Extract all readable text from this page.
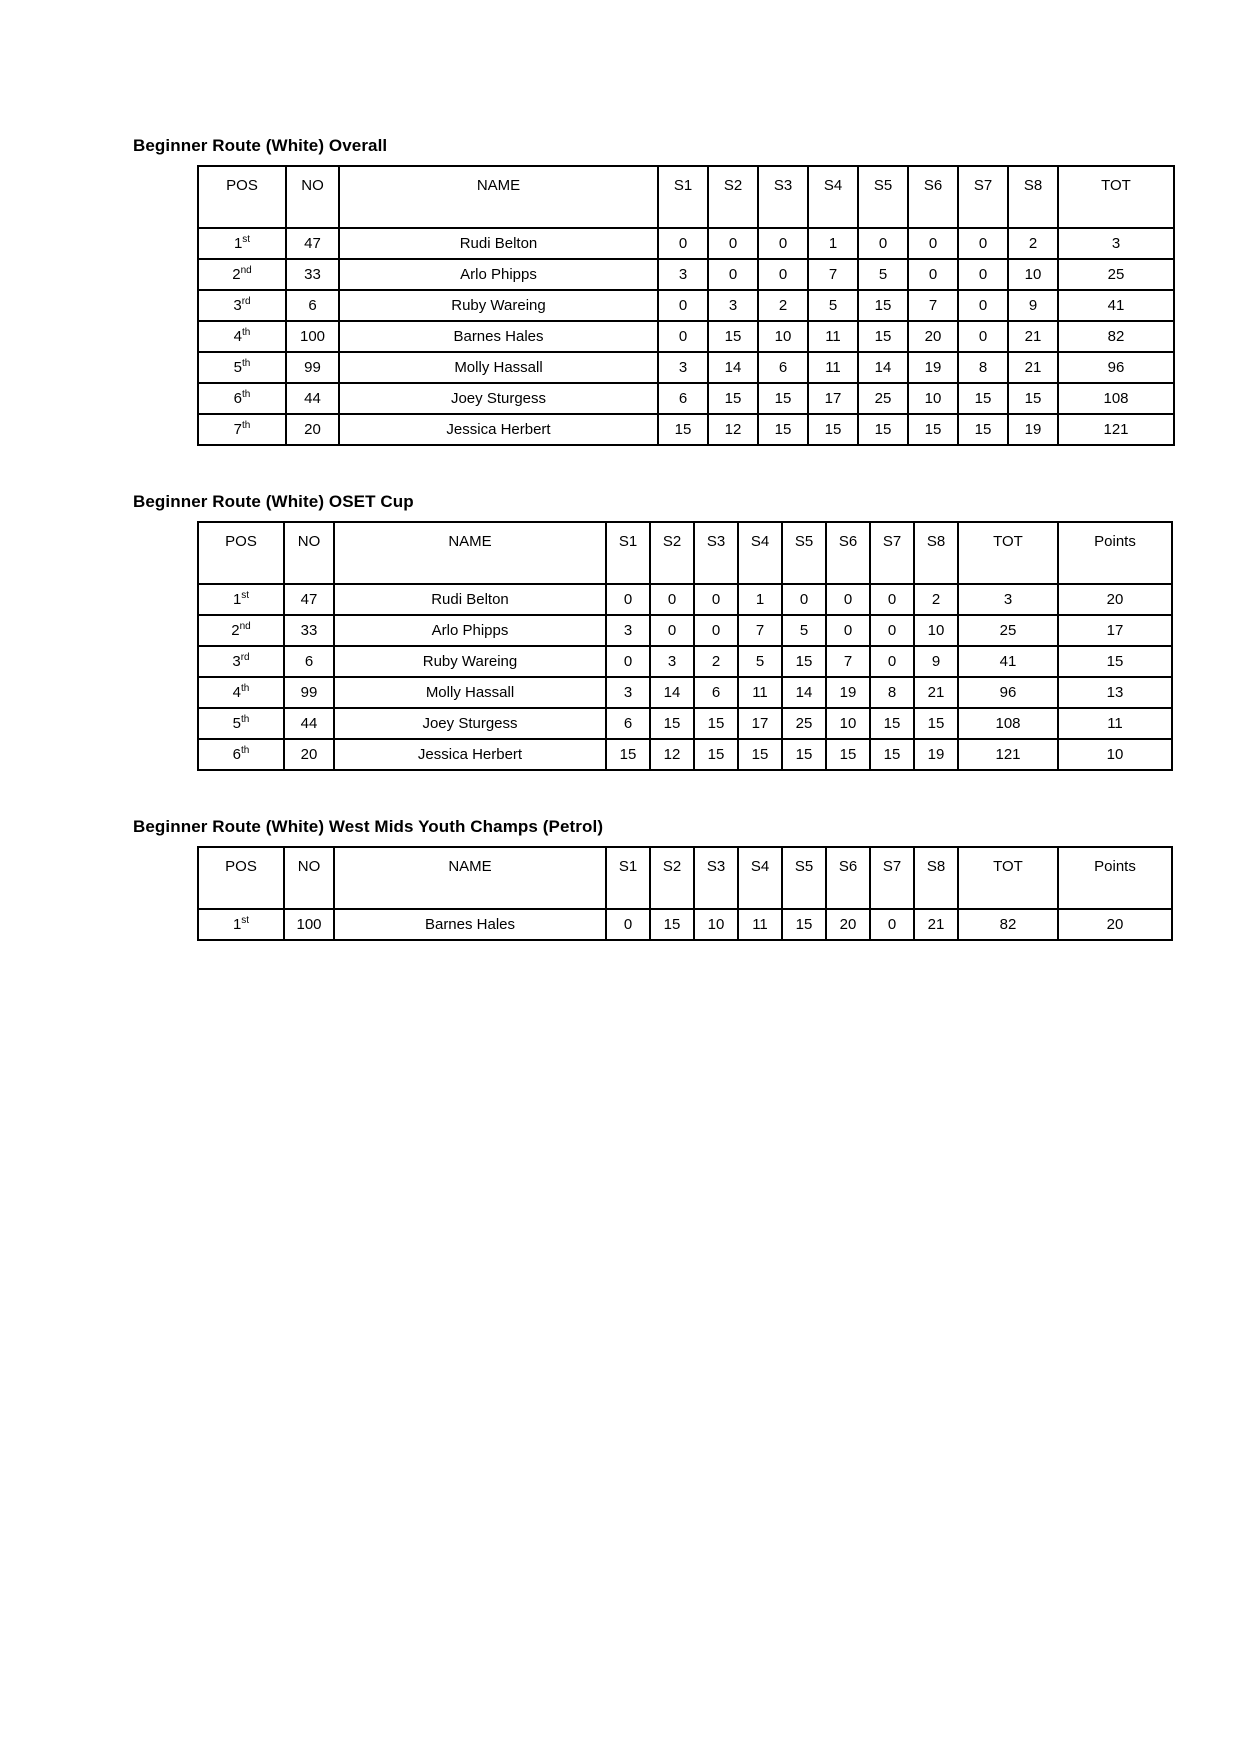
Beginner Route (White) Overall
POS	NO	NAME	S1	S2	S3	S4	S5	S6	S7	S8	TOT
1st	47	Rudi Belton	0	0	0	1	0	0	0	2	3
2nd	33	Arlo Phipps	3	0	0	7	5	0	0	10	25
3rd	6	Ruby Wareing	0	3	2	5	15	7	0	9	41
4th	100	Barnes Hales	0	15	10	11	15	20	0	21	82
5th	99	Molly Hassall	3	14	6	11	14	19	8	21	96
6th	44	Joey Sturgess	6	15	15	17	25	10	15	15	108
7th	20	Jessica Herbert	15	12	15	15	15	15	15	19	121
Beginner Route (White) OSET Cup
POS	NO	NAME	S1	S2	S3	S4	S5	S6	S7	S8	TOT	Points
1st	47	Rudi Belton	0	0	0	1	0	0	0	2	3	20
2nd	33	Arlo Phipps	3	0	0	7	5	0	0	10	25	17
3rd	6	Ruby Wareing	0	3	2	5	15	7	0	9	41	15
4th	99	Molly Hassall	3	14	6	11	14	19	8	21	96	13
5th	44	Joey Sturgess	6	15	15	17	25	10	15	15	108	11
6th	20	Jessica Herbert	15	12	15	15	15	15	15	19	121	10
Beginner Route (White) West Mids Youth Champs (Petrol)
POS	NO	NAME	S1	S2	S3	S4	S5	S6	S7	S8	TOT	Points
1st	100	Barnes Hales	0	15	10	11	15	20	0	21	82	20
